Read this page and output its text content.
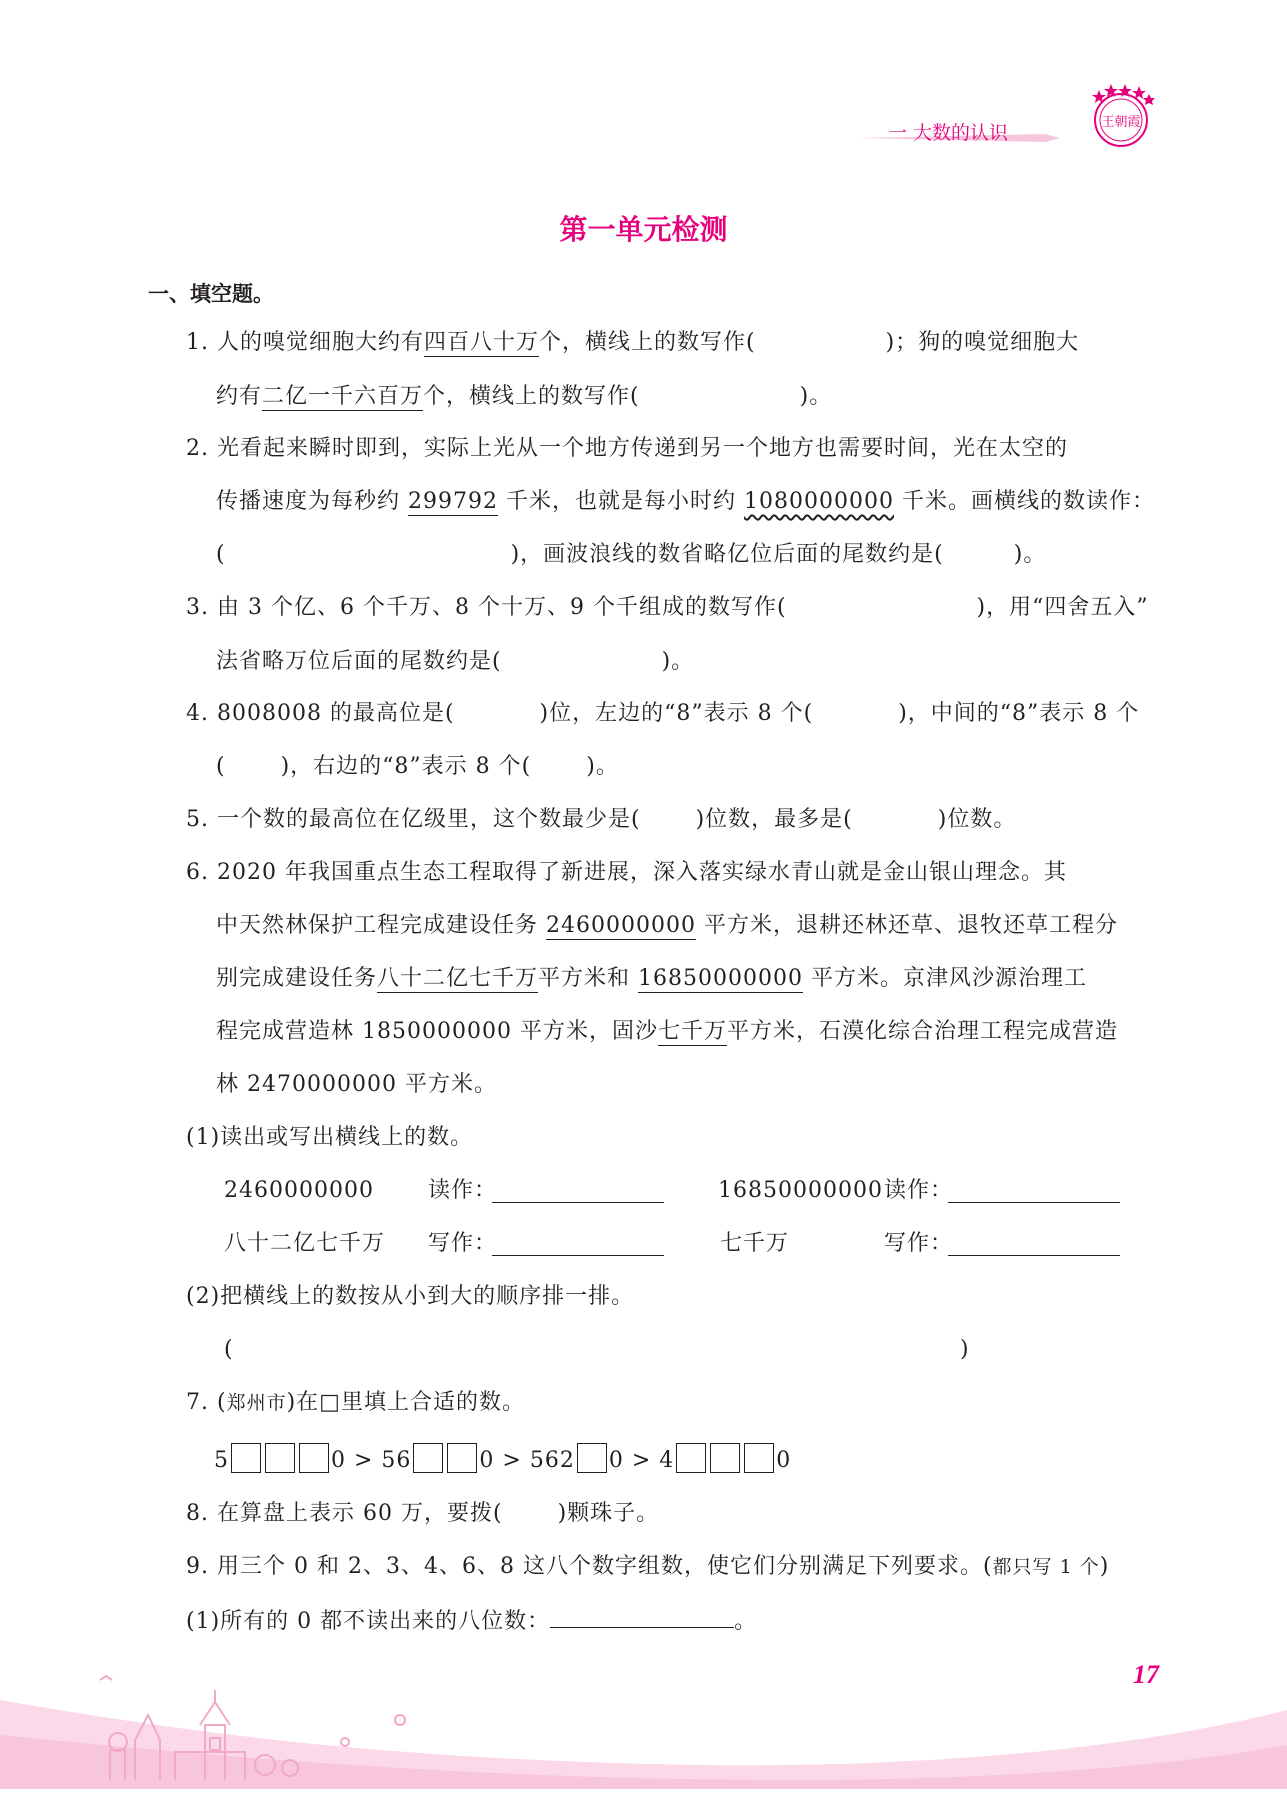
一 大数的认识	王朝霞
第一单元检测
一、填空题。
1. 人的嗅觉细胞大约有四百八十万个，横线上的数写作(	)；狗的嗅觉细胞大
约有二亿一千六百万个，横线上的数写作(	)。
2. 光看起来瞬时即到，实际上光从一个地方传递到另一个地方也需要时间，光在太空的
传播速度为每秒约 299792 千米，也就是每小时约 1080000000 千米。画横线的数读作：
(	)，画波浪线的数省略亿位后面的尾数约是(	)。
3. 由 3 个亿、6 个千万、8 个十万、9 个千组成的数写作(	)，用“四舍五入”
法省略万位后面的尾数约是(	)。
4. 8008008 的最高位是(	)位，左边的“8”表示 8 个(	)，中间的“8”表示 8 个
(	)，右边的“8”表示 8 个(	)。
5. 一个数的最高位在亿级里，这个数最少是(	)位数，最多是(	)位数。
6. 2020 年我国重点生态工程取得了新进展，深入落实绿水青山就是金山银山理念。其
中天然林保护工程完成建设任务 2460000000 平方米，退耕还林还草、退牧还草工程分
别完成建设任务八十二亿七千万平方米和 16850000000 平方米。京津风沙源治理工
程完成营造林 1850000000 平方米，固沙七千万平方米，石漠化综合治理工程完成营造
林 2470000000 平方米。
(1)读出或写出横线上的数。
2460000000 读作：	16850000000 读作：
八十二亿七千万 写作：	七千万	写作：
(2)把横线上的数按从小到大的顺序排一排。
(	)
7. (郑州市)在□里填上合适的数。
5	0 > 56	0 > 562 0 > 4	0
8. 在算盘上表示 60 万，要拨(	)颗珠子。
9. 用三个 0 和 2、3、4、6、8 这八个数字组数，使它们分别满足下列要求。(都只写 1 个)
(1)所有的 0 都不读出来的八位数：	。
17
